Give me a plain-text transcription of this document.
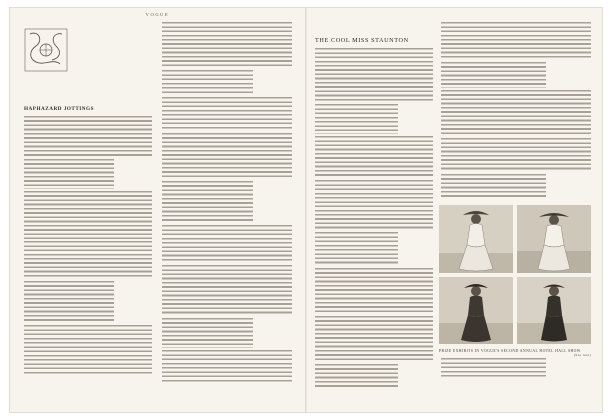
VOGUE
HAPHAZARD JOTTINGS

THE COOL MISS STAUNTON

PRIZE EXHIBITS IN VOGUE'S SECOND ANNUAL HOTEL HALL SHOW
(See text)
